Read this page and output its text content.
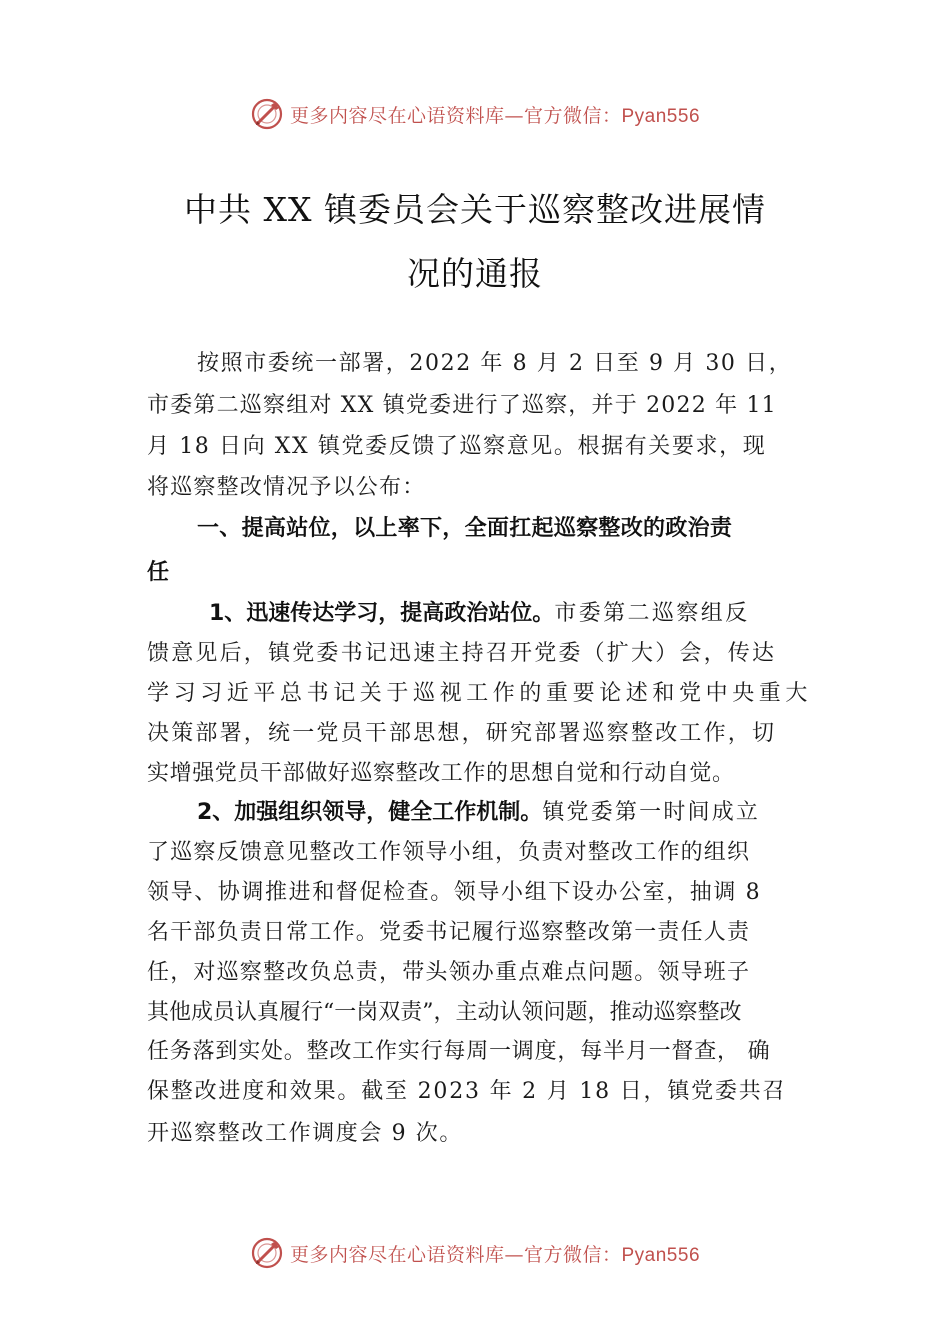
更多内容尽在心语资料库—官方微信：Pyan556
中共 XX 镇委员会关于巡察整改进展情
况的通报
按照市委统一部署，2022 年 8 月 2 日至 9 月 30 日，
市委第二巡察组对 XX 镇党委进行了巡察，并于 2022 年 11
月 18 日向 XX 镇党委反馈了巡察意见。根据有关要求，现
将巡察整改情况予以公布：
一、提高站位，以上率下，全面扛起巡察整改的政治责
任
1、迅速传达学习，提高政治站位。 市委第二巡察组反
馈意见后，镇党委书记迅速主持召开党委（扩大）会，传达
学习习近平总书记关于巡视工作的重要论述和党中央重大
决策部署，统一党员干部思想，研究部署巡察整改工作，切
实增强党员干部做好巡察整改工作的思想自觉和行动自觉。
2、加强组织领导，健全工作机制。 镇党委第一时间成立
了巡察反馈意见整改工作领导小组，负责对整改工作的组织
领导、协调推进和督促检查。领导小组下设办公室，抽调 8
名干部负责日常工作。党委书记履行巡察整改第一责任人责
任，对巡察整改负总责，带头领办重点难点问题。领导班子
其他成员认真履行“一岗双责”，主动认领问题，推动巡察整改
任务落到实处。整改工作实行每周一调度，每半月一督查， 确
保整改进度和效果。截至 2023 年 2 月 18 日，镇党委共召
开巡察整改工作调度会 9 次。
更多内容尽在心语资料库—官方微信：Pyan556
